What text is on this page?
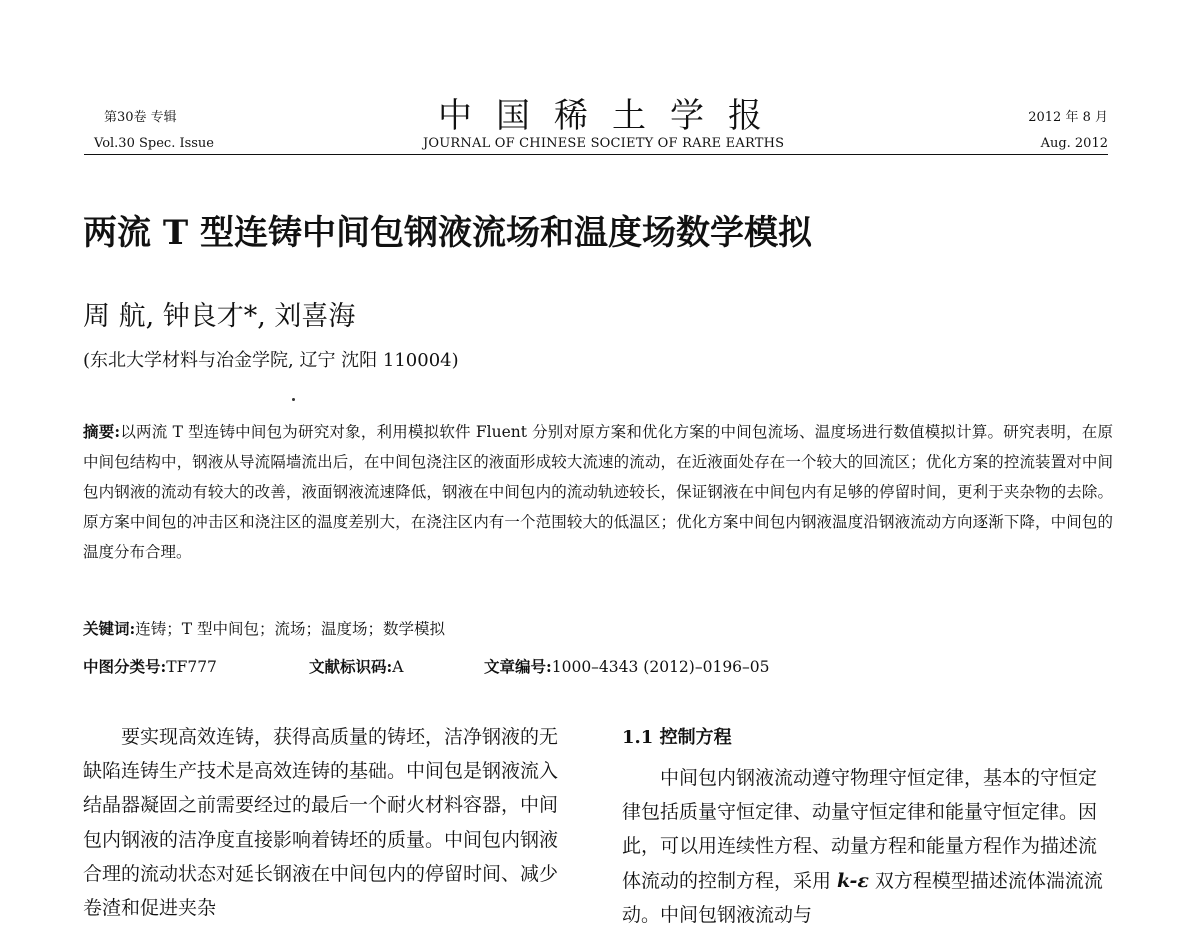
第30卷 专辑
Vol.30 Spec. Issue
中国稀土学报
JOURNAL OF CHINESE SOCIETY OF RARE EARTHS
2012 年 8 月
Aug. 2012
两流 T 型连铸中间包钢液流场和温度场数学模拟
周 航, 钟良才*, 刘喜海
(东北大学材料与冶金学院, 辽宁 沈阳 110004)
摘要:以两流 T 型连铸中间包为研究对象，利用模拟软件 Fluent 分别对原方案和优化方案的中间包流场、温度场进行数值模拟计算。研究表明，在原中间包结构中，钢液从导流隔墙流出后，在中间包浇注区的液面形成较大流速的流动，在近液面处存在一个较大的回流区；优化方案的控流装置对中间包内钢液的流动有较大的改善，液面钢液流速降低，钢液在中间包内的流动轨迹较长，保证钢液在中间包内有足够的停留时间，更利于夹杂物的去除。原方案中间包的冲击区和浇注区的温度差别大，在浇注区内有一个范围较大的低温区；优化方案中间包内钢液温度沿钢液流动方向逐渐下降，中间包的温度分布合理。
关键词:连铸；T 型中间包；流场；温度场；数学模拟
中图分类号:TF777	文献标识码:A	文章编号:1000–4343 (2012)–0196–05

要实现高效连铸，获得高质量的铸坯，洁净钢液的无缺陷连铸生产技术是高效连铸的基础。中间包是钢液流入结晶器凝固之前需要经过的最后一个耐火材料容器，中间包内钢液的洁净度直接影响着铸坯的质量。中间包内钢液合理的流动状态对延长钢液在中间包内的停留时间、减少卷渣和促进夹杂

1.1 控制方程

中间包内钢液流动遵守物理守恒定律，基本的守恒定律包括质量守恒定律、动量守恒定律和能量守恒定律。因此，可以用连续性方程、动量方程和能量方程作为描述流体流动的控制方程，采用 k-ε 双方程模型描述流体湍流流动。中间包钢液流动与
